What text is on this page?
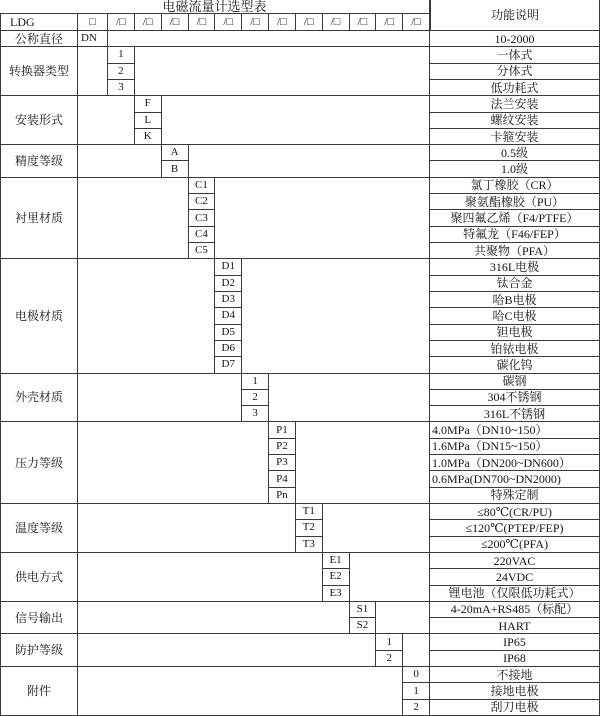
电磁流量计选型表
功能说明
LDG	□	/□	/□	/□	/□	/□	/□	/□	/□	/□	/□	/□	/□
公称直径	DN	10-2000
转换器类型
1	一体式
2	分体式
3	低功耗式
安装形式
F	法兰安装
L	螺纹安装
K	卡箍安装
精度等级
A	0.5级
B	1.0级
衬里材质
C1	氯丁橡胶（CR）
C2	聚氨酯橡胶（PU）
C3	聚四氟乙烯（F4/PTFE）
C4	特氟龙（F46/FEP）
C5	共聚物（PFA）
电极材质
D1	316L电极
D2	钛合金
D3	哈B电极
D4	哈C电极
D5	钽电极
D6	铂铱电极
D7	碳化钨
外壳材质
1	碳钢
2	304不锈钢
3	316L不锈钢
压力等级
P1	4.0MPa（DN10~150）
P2	1.6MPa（DN15~150）
P3	1.0MPa（DN200~DN600）
P4	0.6MPa(DN700~DN2000)
Pn	特殊定制
温度等级
T1	≤80℃(CR/PU)
T2	≤120℃(PTEP/FEP)
T3	≤200℃(PFA)
供电方式
E1	220VAC
E2	24VDC
E3	锂电池（仅限低功耗式）
信号输出
S1	4-20mA+RS485（标配）
S2	HART
防护等级
1	IP65
2	IP68
附件
0	不接地
1	接地电极
2	刮刀电极
